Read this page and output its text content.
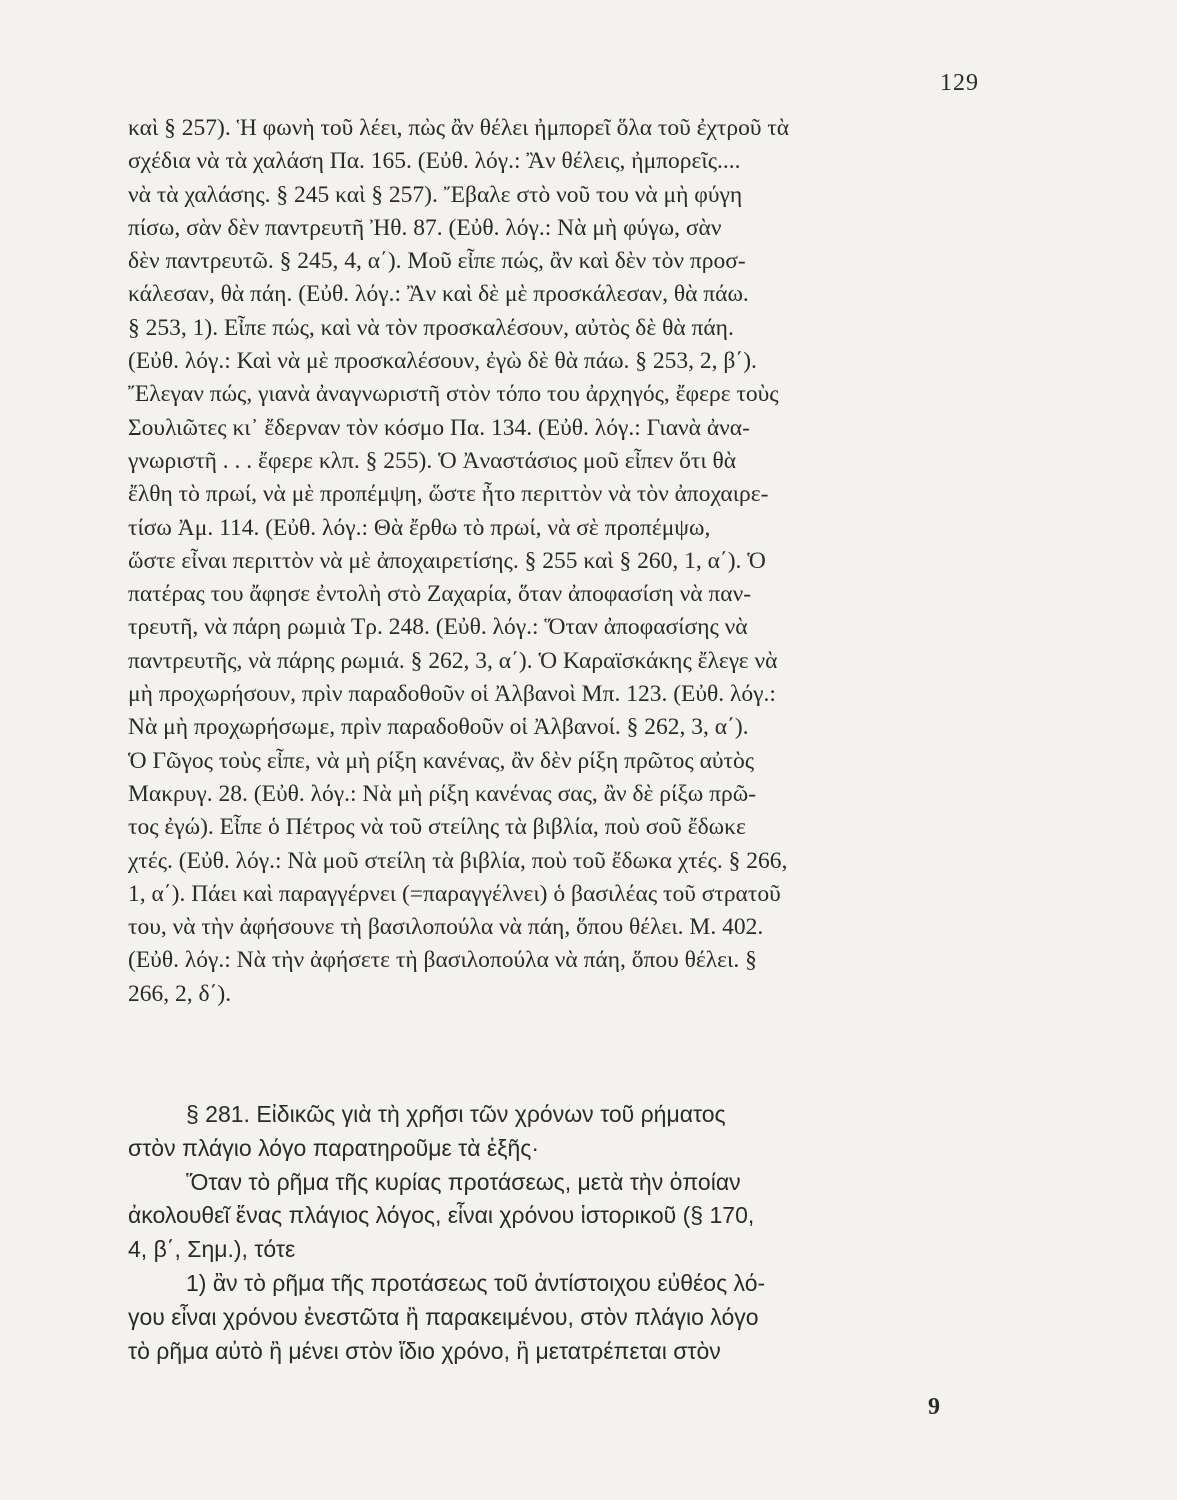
129
καὶ § 257). Ἡ φωνὴ τοῦ λέει, πὼς ἂν θέλει ἠμπορεῖ ὅλα τοῦ ἐχτροῦ τὰ
σχέδια νὰ τὰ χαλάση Πα. 165. (Εὐθ. λόγ.: Ἂν θέλεις, ἠμπορεῖς....
νὰ τὰ χαλάσης. § 245 καὶ § 257). Ἔβαλε στὸ νοῦ του νὰ μὴ φύγη
πίσω, σὰν δὲν παντρευτῆ Ἠθ. 87. (Εὐθ. λόγ.: Νὰ μὴ φύγω, σὰν
δὲν παντρευτῶ. § 245, 4, α΄). Μοῦ εἶπε πώς, ἂν καὶ δὲν τὸν προσ-
κάλεσαν, θὰ πάη. (Εὐθ. λόγ.: Ἂν καὶ δὲ μὲ προσκάλεσαν, θὰ πάω.
§ 253, 1). Εἶπε πώς, καὶ νὰ τὸν προσκαλέσουν, αὐτὸς δὲ θὰ πάη.
(Εὐθ. λόγ.: Καὶ νὰ μὲ προσκαλέσουν, ἐγὼ δὲ θὰ πάω. § 253, 2, β΄).
Ἔλεγαν πώς, γιανὰ ἀναγνωριστῆ στὸν τόπο του ἀρχηγός, ἔφερε τοὺς
Σουλιῶτες κι᾿ ἔδερναν τὸν κόσμο Πα. 134. (Εὐθ. λόγ.: Γιανὰ ἀνα-
γνωριστῆ . . . ἔφερε κλπ. § 255). Ὁ Ἀναστάσιος μοῦ εἶπεν ὅτι θὰ
ἔλθη τὸ πρωί, νὰ μὲ προπέμψη, ὥστε ἦτο περιττὸν νὰ τὸν ἀποχαιρε-
τίσω Ἀμ. 114. (Εὐθ. λόγ.: Θὰ ἔρθω τὸ πρωί, νὰ σὲ προπέμψω,
ὥστε εἶναι περιττὸν νὰ μὲ ἀποχαιρετίσης. § 255 καὶ § 260, 1, α΄). Ὁ
πατέρας του ἄφησε ἐντολὴ στὸ Ζαχαρία, ὅταν ἀποφασίση νὰ παν-
τρευτῆ, νὰ πάρη ρωμιὰ Τρ. 248. (Εὐθ. λόγ.: Ὅταν ἀποφασίσης νὰ
παντρευτῆς, νὰ πάρης ρωμιά. § 262, 3, α΄). Ὁ Καραϊσκάκης ἔλεγε νὰ
μὴ προχωρήσουν, πρὶν παραδοθοῦν οἱ Ἀλβανοὶ Μπ. 123. (Εὐθ. λόγ.:
Νὰ μὴ προχωρήσωμε, πρὶν παραδοθοῦν οἱ Ἀλβανοί. § 262, 3, α΄).
Ὁ Γῶγος τοὺς εἶπε, νὰ μὴ ρίξη κανένας, ἂν δὲν ρίξη πρῶτος αὐτὸς
Μακρυγ. 28. (Εὐθ. λόγ.: Νὰ μὴ ρίξη κανένας σας, ἂν δὲ ρίξω πρῶ-
τος ἐγώ). Εἶπε ὁ Πέτρος νὰ τοῦ στείλης τὰ βιβλία, ποὺ σοῦ ἔδωκε
χτές. (Εὐθ. λόγ.: Νὰ μοῦ στείλη τὰ βιβλία, ποὺ τοῦ ἔδωκα χτές. § 266,
1, α΄). Πάει καὶ παραγγέρνει (=παραγγέλνει) ὁ βασιλέας τοῦ στρατοῦ
του, νὰ τὴν ἀφήσουνε τὴ βασιλοπούλα νὰ πάη, ὅπου θέλει. Μ. 402.
(Εὐθ. λόγ.: Νὰ τὴν ἀφήσετε τὴ βασιλοπούλα νὰ πάη, ὅπου θέλει. §
266, 2, δ΄).
§ 281. Εἰδικῶς γιὰ τὴ χρῆσι τῶν χρόνων τοῦ ρήματος
στὸν πλάγιο λόγο παρατηροῦμε τὰ ἑξῆς·
Ὅταν τὸ ρῆμα τῆς κυρίας προτάσεως, μετὰ τὴν ὁποίαν
ἀκολουθεῖ ἕνας πλάγιος λόγος, εἶναι χρόνου ἱστορικοῦ (§ 170,
4, β΄, Σημ.), τότε
1) ἂν τὸ ρῆμα τῆς προτάσεως τοῦ ἀντίστοιχου εὐθέος λό-
γου εἶναι χρόνου ἐνεστῶτα ἢ παρακειμένου, στὸν πλάγιο λόγο
τὸ ρῆμα αὐτὸ ἢ μένει στὸν ἴδιο χρόνο, ἢ μετατρέπεται στὸν
9
